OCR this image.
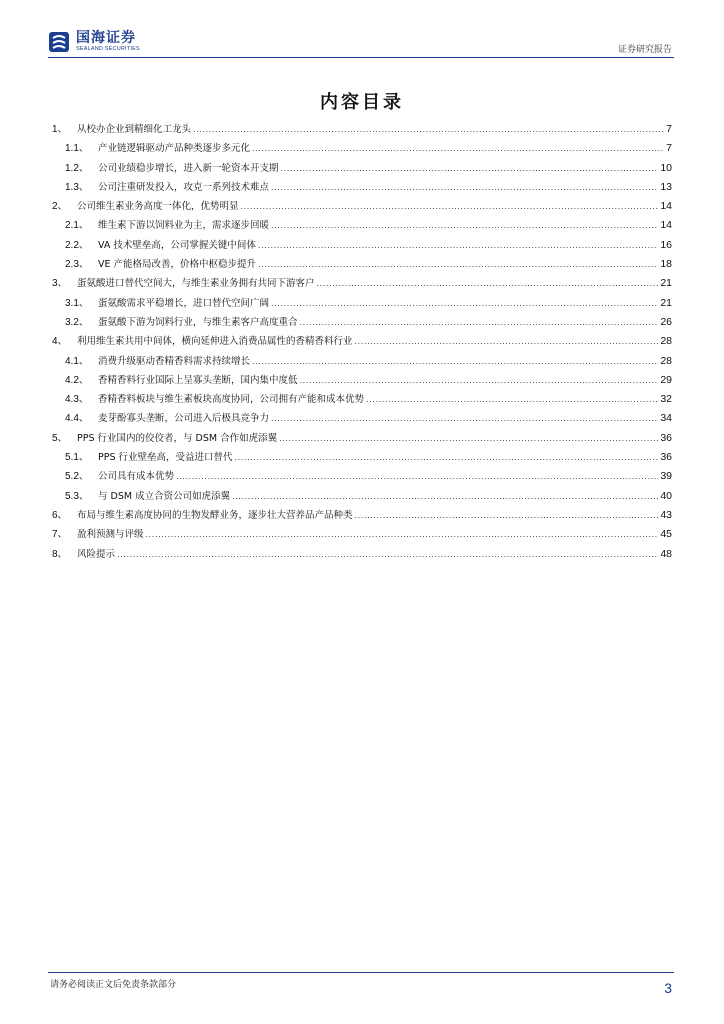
国海证券
SEALAND SECURITIES	证券研究报告
内容目录
1、 从校办企业到精细化工龙头 .....	7
1.1、 产业链逻辑驱动产品种类逐步多元化 .....	7
1.2、 公司业绩稳步增长，进入新一轮资本开支期 .....	10
1.3、 公司注重研发投入，攻克一系列技术难点 .....	13
2、 公司维生素业务高度一体化，优势明显 .....	14
2.1、 维生素下游以饲料业为主，需求逐步回暖 .....	14
2.2、 VA 技术壁垒高，公司掌握关键中间体 .....	16
2.3、 VE 产能格局改善，价格中枢稳步提升 .....	18
3、 蛋氨酸进口替代空间大，与维生素业务拥有共同下游客户 .....	21
3.1、 蛋氨酸需求平稳增长，进口替代空间广阔 .....	21
3.2、 蛋氨酸下游为饲料行业，与维生素客户高度重合 .....	26
4、 利用维生素共用中间体，横向延伸进入消费品属性的香精香料行业 .....	28
4.1、 消费升级驱动香精香料需求持续增长 .....	28
4.2、 香精香料行业国际上呈寡头垄断，国内集中度低 .....	29
4.3、 香精香料板块与维生素板块高度协同，公司拥有产能和成本优势 .....	32
4.4、 麦芽酚寡头垄断，公司进入后极具竞争力 .....	34
5、 PPS 行业国内的佼佼者，与 DSM 合作如虎添翼 .....	36
5.1、 PPS 行业壁垒高，受益进口替代 .....	36
5.2、 公司具有成本优势 .....	39
5.3、 与 DSM 成立合资公司如虎添翼 .....	40
6、 布局与维生素高度协同的生物发酵业务，逐步壮大营养品产品种类 .....	43
7、 盈利预测与评级 .....	45
8、 风险提示 .....	48
请务必阅读正文后免责条款部分	3
